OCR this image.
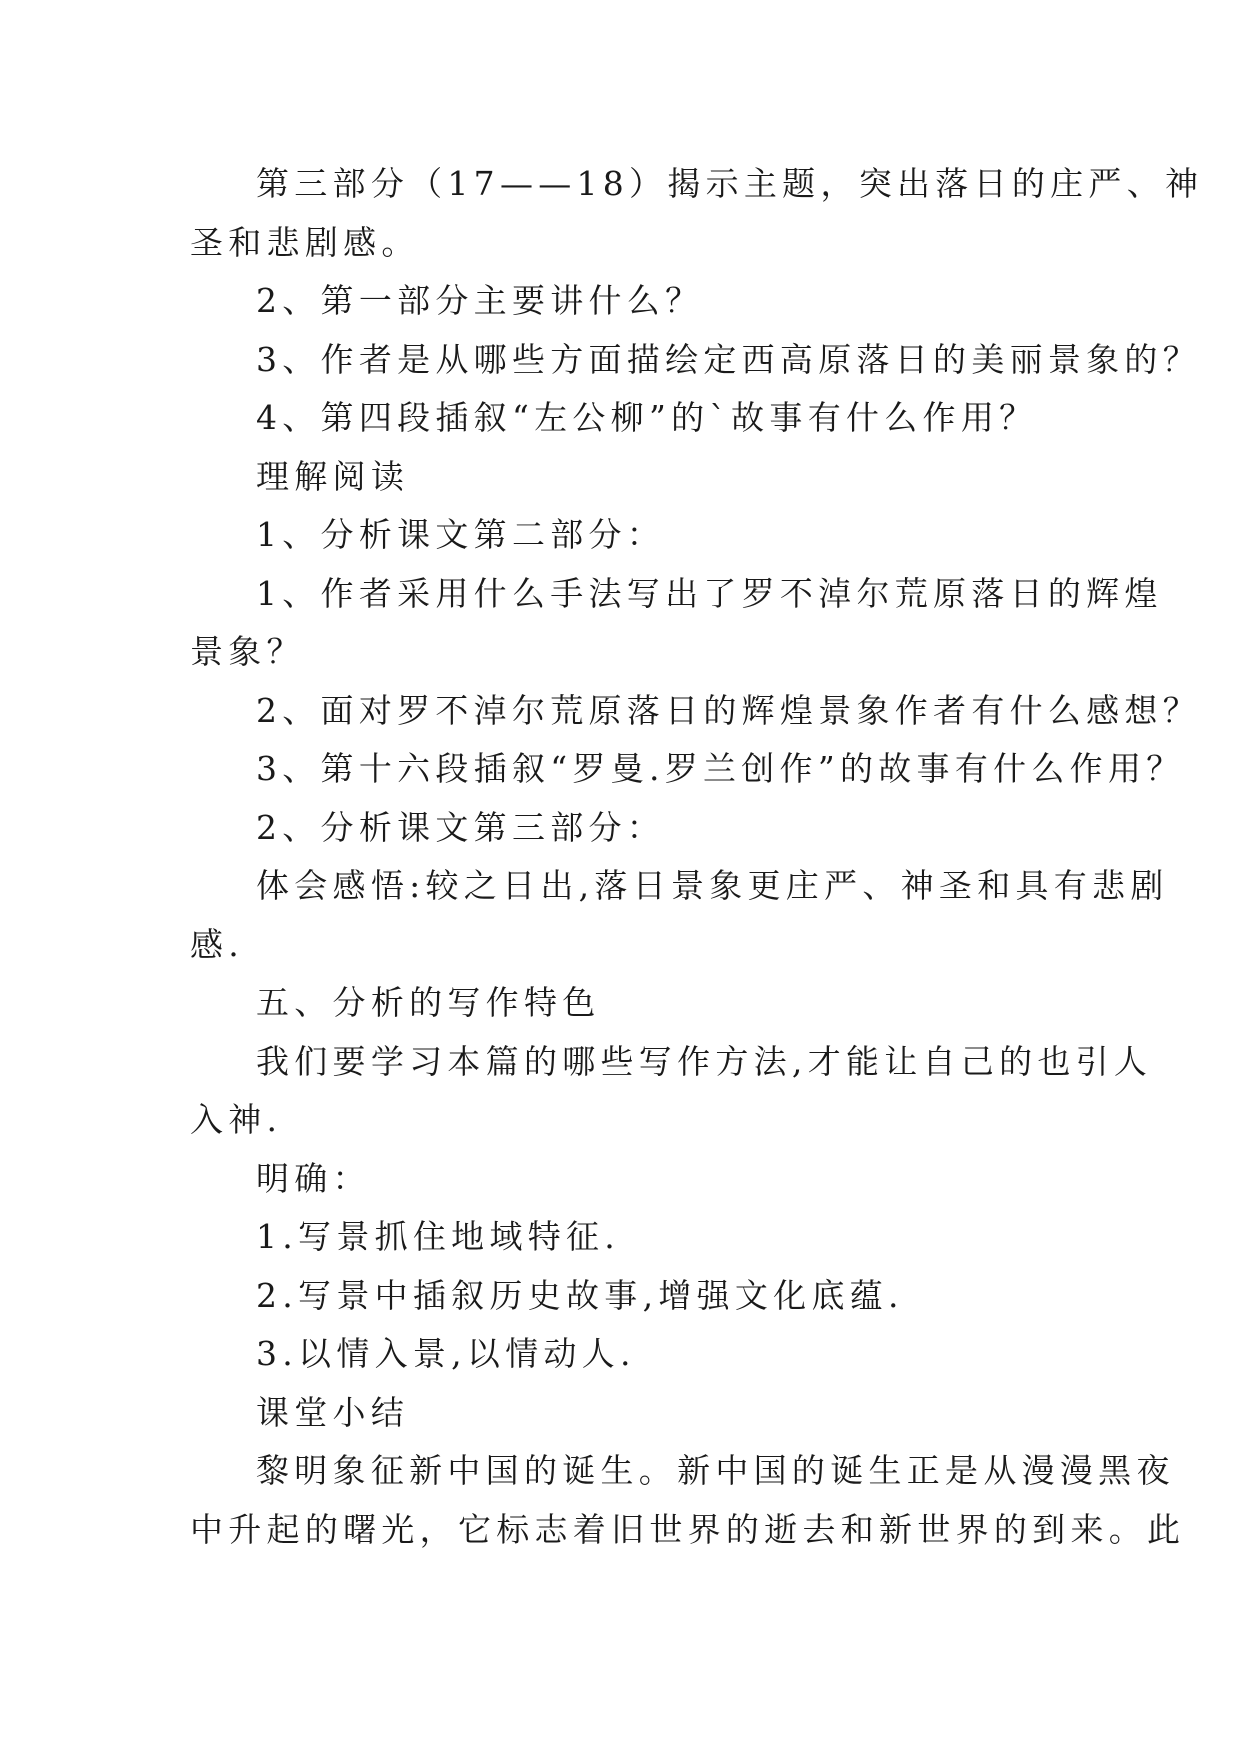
第三部分（17——18）揭示主题，突出落日的庄严、神
圣和悲剧感。
2、第一部分主要讲什么？
3、作者是从哪些方面描绘定西高原落日的美丽景象的？
4、第四段插叙“左公柳”的`故事有什么作用？
理解阅读
1、分析课文第二部分：
1、作者采用什么手法写出了罗不淖尔荒原落日的辉煌
景象？
2、面对罗不淖尔荒原落日的辉煌景象作者有什么感想？
3、第十六段插叙“罗曼.罗兰创作”的故事有什么作用？
2、分析课文第三部分：
体会感悟:较之日出,落日景象更庄严、神圣和具有悲剧
感.
五、分析的写作特色
我们要学习本篇的哪些写作方法,才能让自己的也引人
入神.
明确：
1.写景抓住地域特征.
2.写景中插叙历史故事,增强文化底蕴.
3.以情入景,以情动人.
课堂小结
黎明象征新中国的诞生。新中国的诞生正是从漫漫黑夜
中升起的曙光，它标志着旧世界的逝去和新世界的到来。此
